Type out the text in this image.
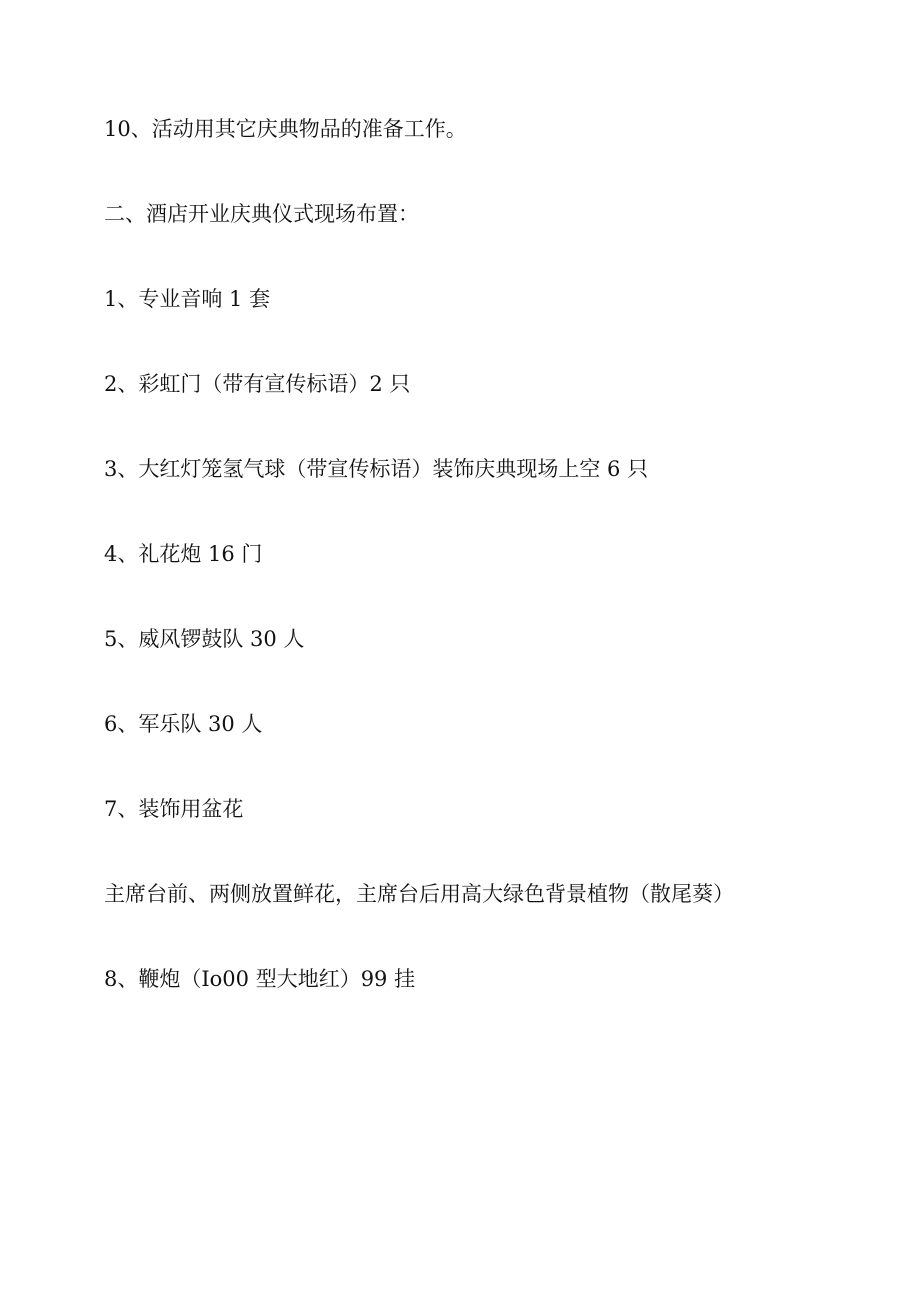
10、活动用其它庆典物品的准备工作。
二、酒店开业庆典仪式现场布置：
1、专业音响 1 套
2、彩虹门（带有宣传标语）2 只
3、大红灯笼氢气球（带宣传标语）装饰庆典现场上空 6 只
4、礼花炮 16 门
5、威风锣鼓队 30 人
6、军乐队 30 人
7、装饰用盆花
主席台前、两侧放置鲜花，主席台后用高大绿色背景植物（散尾葵）
8、鞭炮（Io00 型大地红）99 挂
